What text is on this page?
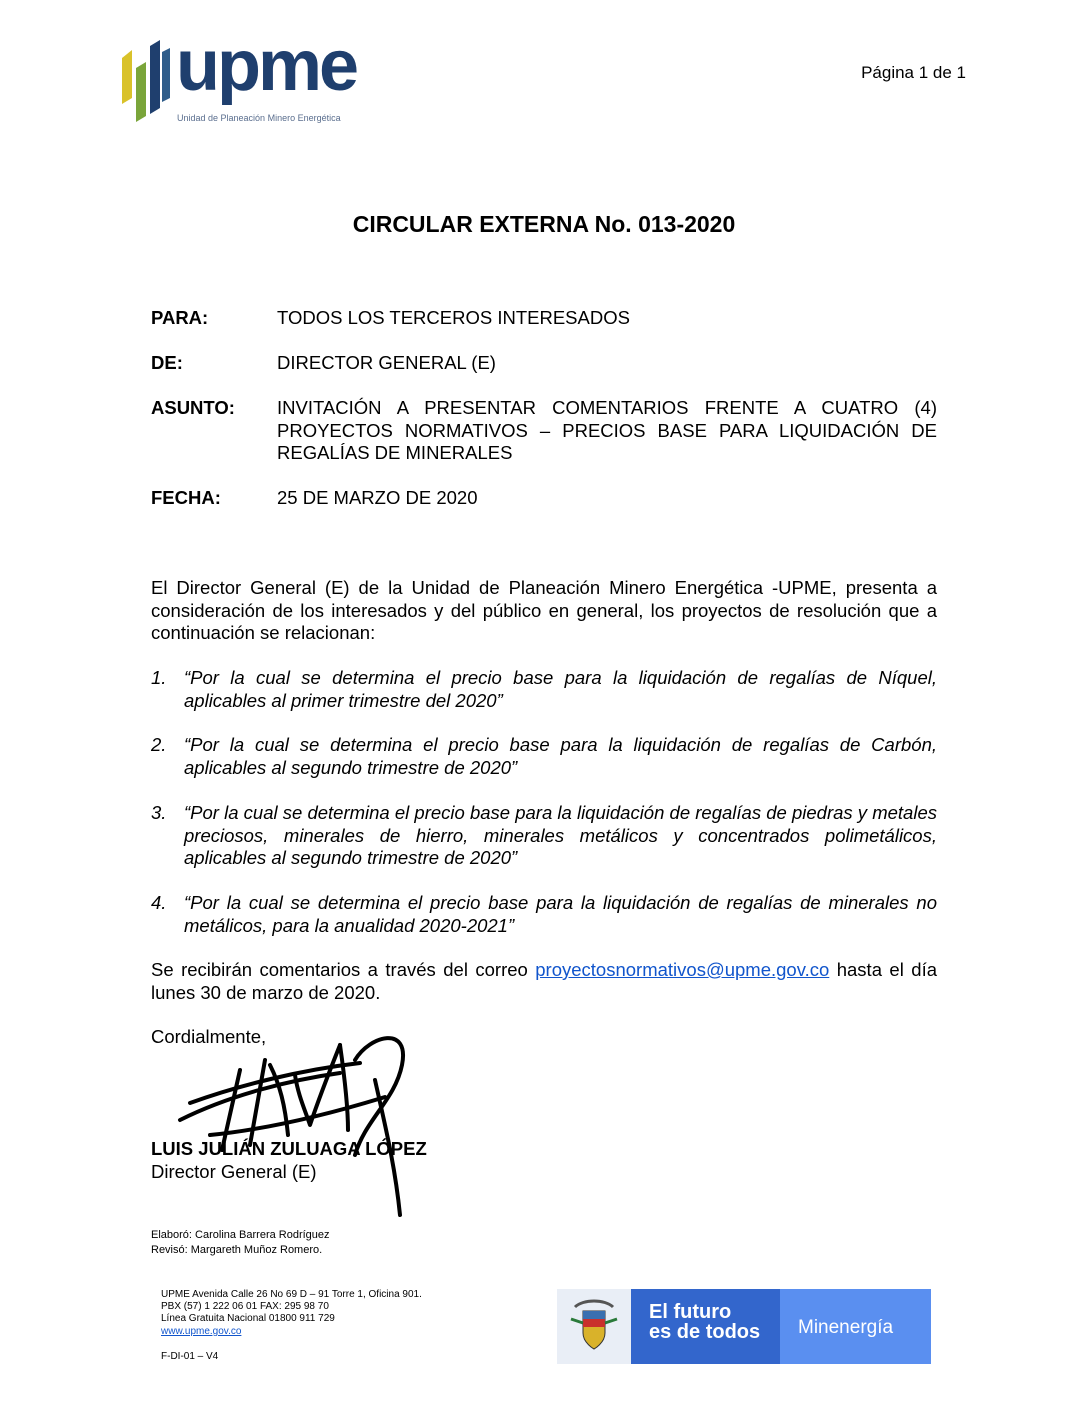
upme
Unidad de Planeación Minero Energética
Página 1 de 1
CIRCULAR EXTERNA No. 013-2020
PARA:	TODOS LOS TERCEROS INTERESADOS
DE:	DIRECTOR GENERAL (E)
ASUNTO: INVITACIÓN A PRESENTAR COMENTARIOS FRENTE A CUATRO (4) PROYECTOS NORMATIVOS – PRECIOS BASE PARA LIQUIDACIÓN DE REGALÍAS DE MINERALES
FECHA:	25 DE MARZO DE 2020
El Director General (E) de la Unidad de Planeación Minero Energética -UPME, presenta a consideración de los interesados y del público en general, los proyectos de resolución que a continuación se relacionan:
1. “Por la cual se determina el precio base para la liquidación de regalías de Níquel, aplicables al primer trimestre del 2020”
2. “Por la cual se determina el precio base para la liquidación de regalías de Carbón, aplicables al segundo trimestre de 2020”
3. “Por la cual se determina el precio base para la liquidación de regalías de piedras y metales preciosos, minerales de hierro, minerales metálicos y concentrados polimetálicos, aplicables al segundo trimestre de 2020”
4. “Por la cual se determina el precio base para la liquidación de regalías de minerales no metálicos, para la anualidad 2020-2021”
Se recibirán comentarios a través del correo proyectosnormativos@upme.gov.co hasta el día lunes 30 de marzo de 2020.
Cordialmente,
LUIS JULIÁN ZULUAGA LÓPEZ
Director General (E)
Elaboró: Carolina Barrera Rodríguez
Revisó: Margareth Muñoz Romero.
UPME Avenida Calle 26 No 69 D – 91 Torre 1, Oficina 901.
PBX (57) 1 222 06 01 FAX: 295 98 70
Línea Gratuita Nacional 01800 911 729
www.upme.gov.co
F-DI-01 – V4
El futuro
es de todos Minenergía
